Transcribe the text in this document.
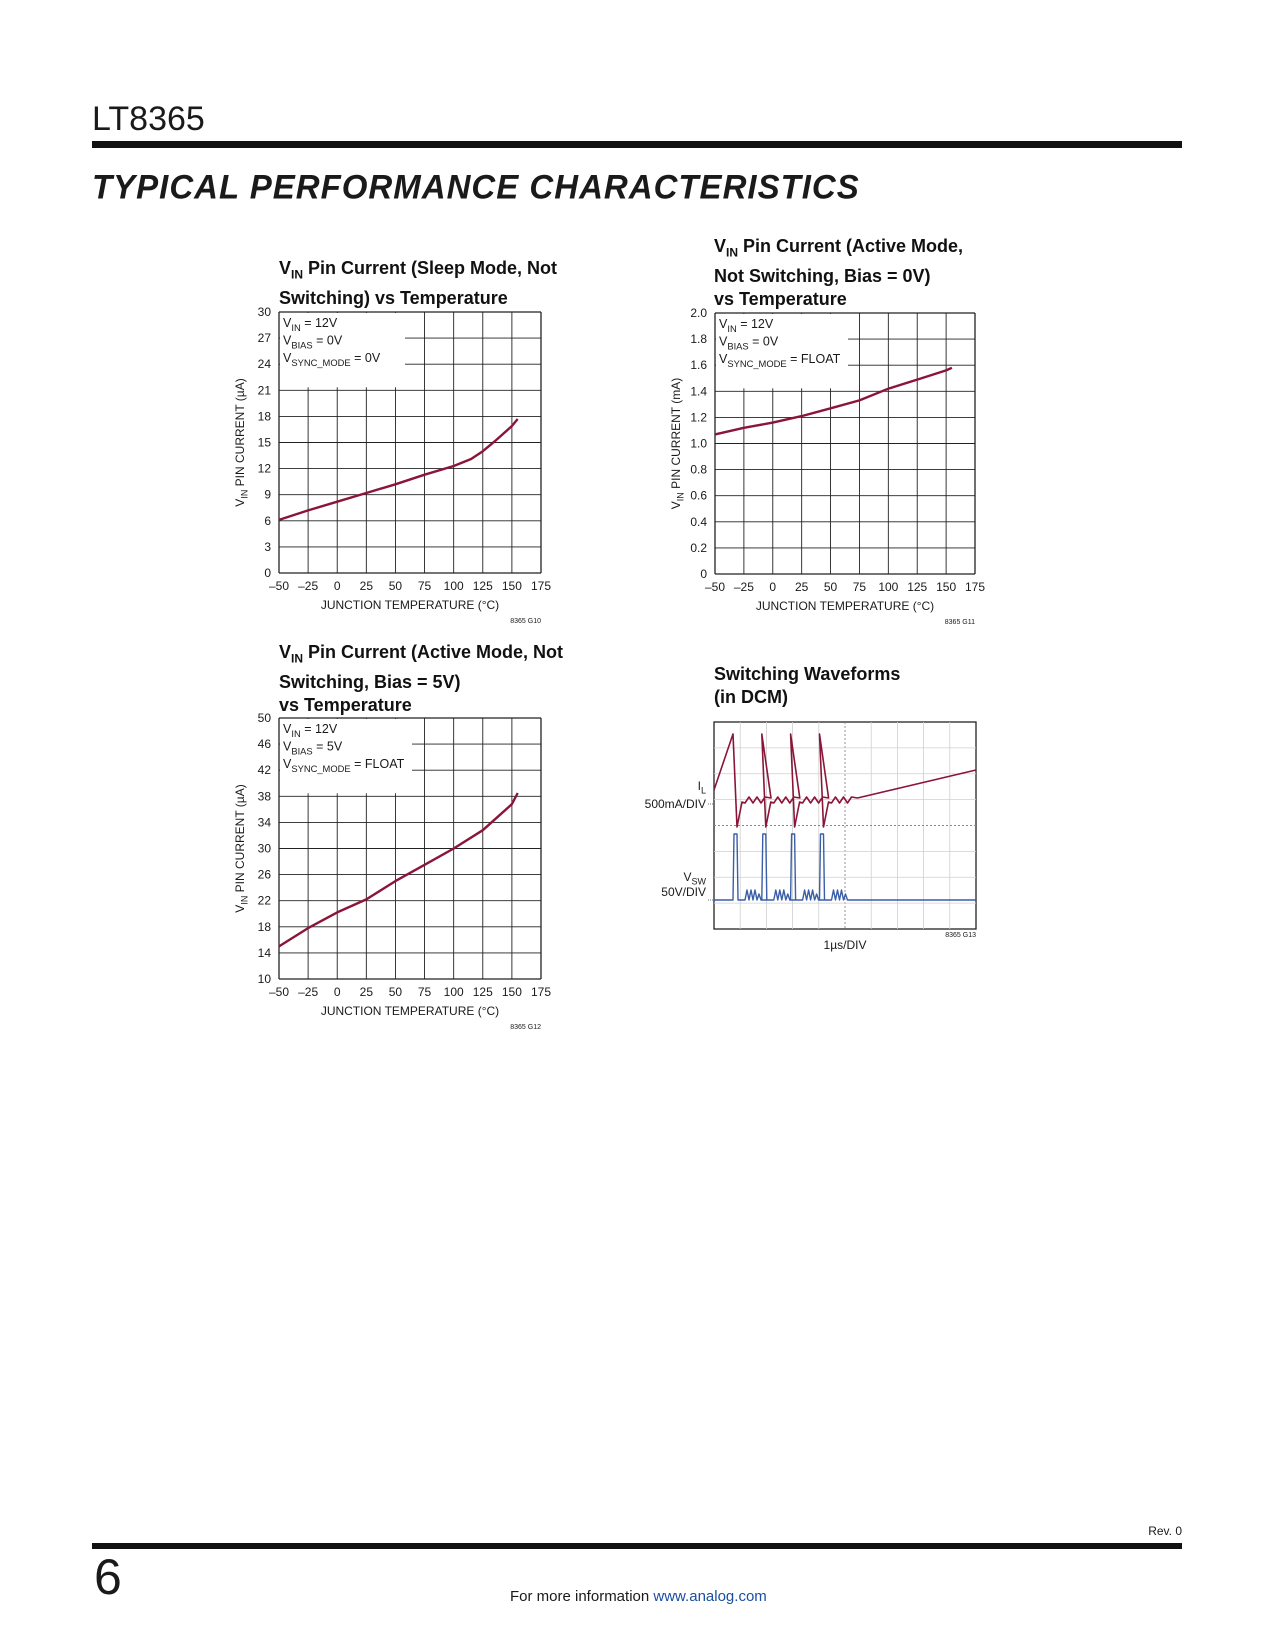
LT8365
TYPICAL PERFORMANCE CHARACTERISTICS
$V_{IN}$ Pin Current (Sleep Mode, Not
Switching) vs Temperature
$V_{IN}$ Pin Current (Active Mode,
Not Switching, Bias = 0V)
vs Temperature
$V_{IN}$ Pin Current (Active Mode, Not
Switching, Bias = 5V)
vs Temperature
Switching Waveforms
(in DCM)
$V_{IN} = 12V$
$V_{BIAS} = 0V$
$V_{SYNC\_MODE} = 0V$
0
3
6
9
12
15
18
21
24
27
30
–50 –25 0 25 50 75 100 125 150 175
JUNCTION TEMPERATURE (°C)
$V_{IN}$ PIN CURRENT (µA)
8365 G10
$V_{IN} = 12V$
$V_{BIAS} = 0V$
$V_{SYNC\_MODE}$ = FLOAT
0
0.2
0.4
0.6
0.8
1.0
1.2
1.4
1.6
1.8
2.0
–50 –25 0 25 50 75 100 125 150 175
JUNCTION TEMPERATURE (°C)
$V_{IN}$ PIN CURRENT (mA)
8365 G11
$V_{IN} = 12V$
$V_{BIAS} = 5V$
$V_{SYNC\_MODE}$ = FLOAT
10
14
18
22
26
30
34
38
42
46
50
–50 –25 0 25 50 75 100 125 150 175
JUNCTION TEMPERATURE (°C)
$V_{IN}$ PIN CURRENT (µA)
8365 G12
$I_L$
500mA/DIV
$V_{SW}$
50V/DIV
1µs/DIV
8365 G13
Rev. 0
6	For more information www.analog.com
